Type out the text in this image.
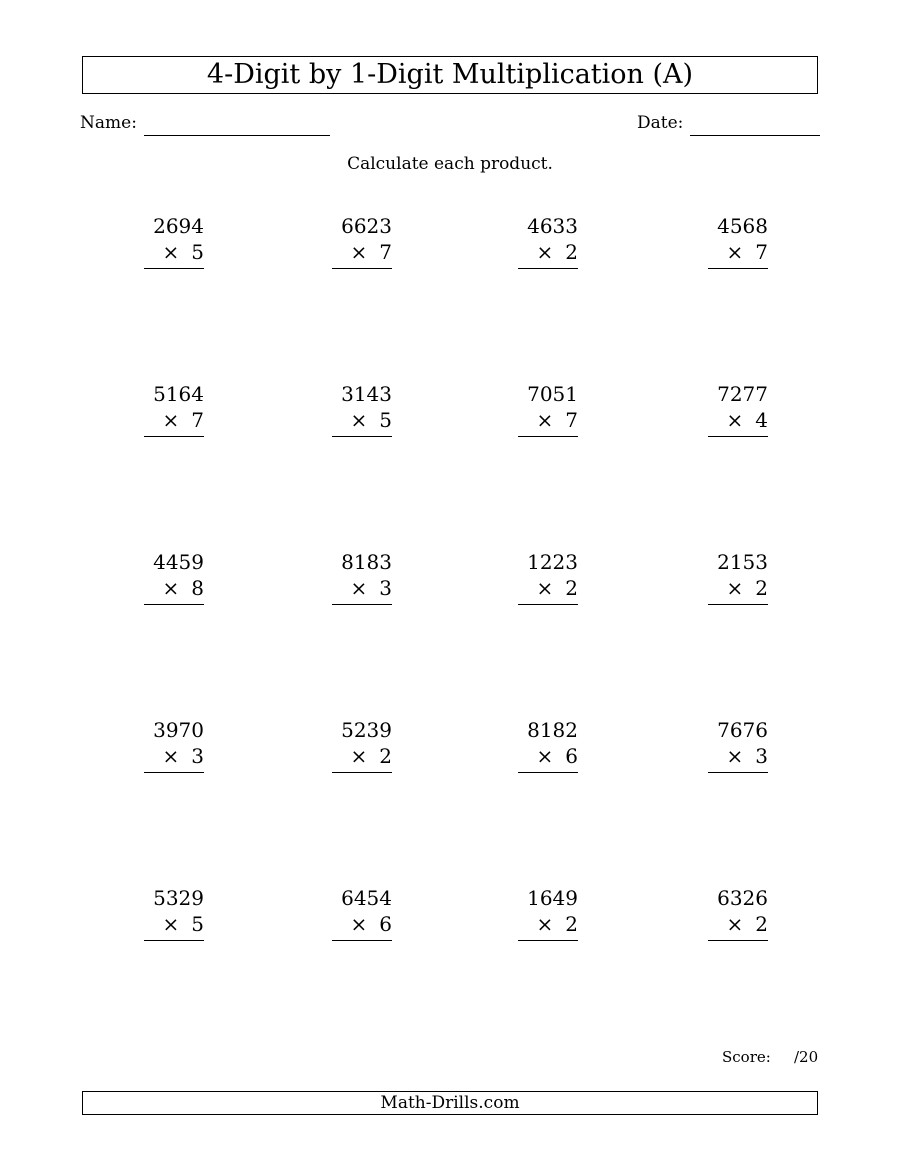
4-Digit by 1-Digit Multiplication (A)
Name:	Date:
Calculate each product.
2694
× 5
6623
× 7
4633
× 2
4568
× 7
5164
× 7
3143
× 5
7051
× 7
7277
× 4
4459
× 8
8183
× 3
1223
× 2
2153
× 2
3970
× 3
5239
× 2
8182
× 6
7676
× 3
5329
× 5
6454
× 6
1649
× 2
6326
× 2
Score: /20
Math-Drills.com
